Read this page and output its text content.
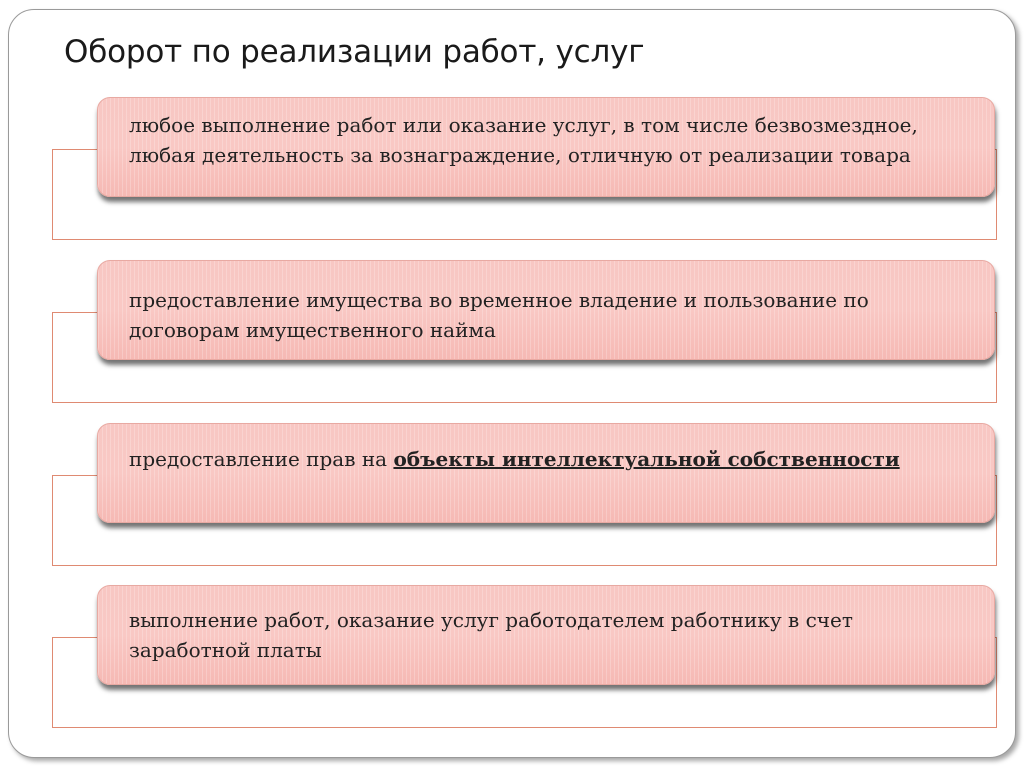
Оборот по реализации работ, услуг

любое выполнение работ или оказание услуг, в том числе безвозмездное, любая деятельность за вознаграждение, отличную от реализации товара

предоставление имущества во временное владение и пользование по договорам имущественного найма

предоставление прав на объекты интеллектуальной собственности

выполнение работ, оказание услуг работодателем работнику в счет заработной платы
